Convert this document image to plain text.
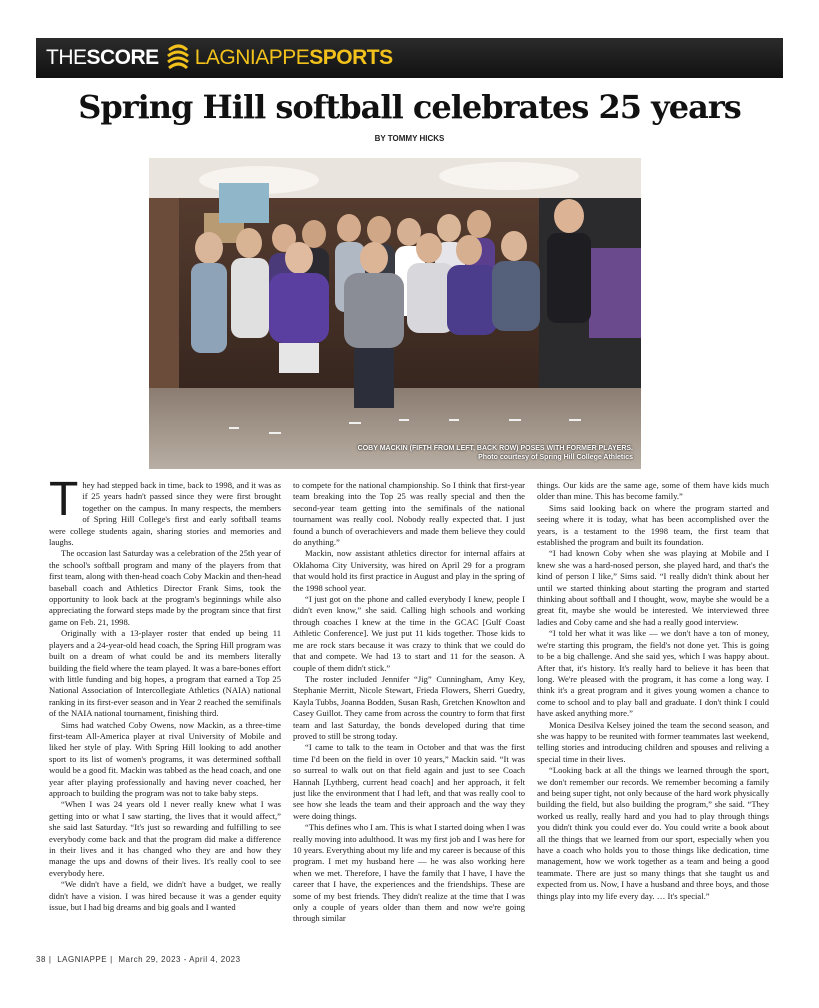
THE SCORE LAGNIAPPE SPORTS
Spring Hill softball celebrates 25 years
BY TOMMY HICKS
COBY MACKIN (FIFTH FROM LEFT, BACK ROW) POSES WITH FORMER PLAYERS.
Photo courtesy of Spring Hill College Athletics

They had stepped back in time, back to 1998, and it was as if 25 years hadn't passed since they were first brought together on the campus. In many respects, the members of Spring Hill College's first and early softball teams were college students again, sharing stories and memories and laughs.

The occasion last Saturday was a celebration of the 25th year of the school's softball program and many of the players from that first team, along with then-head coach Coby Mackin and then-head baseball coach and Athletics Director Frank Sims, took the opportunity to look back at the program's beginnings while also appreciating the forward steps made by the program since that first game on Feb. 21, 1998.

Originally with a 13-player roster that ended up being 11 players and a 24-year-old head coach, the Spring Hill program was built on a dream of what could be and its members literally building the field where the team played. It was a bare-bones effort with little funding and big hopes, a program that earned a Top 25 National Association of Intercollegiate Athletics (NAIA) national ranking in its first-ever season and in Year 2 reached the semifinals of the NAIA national tournament, finishing third.

Sims had watched Coby Owens, now Mackin, as a three-time first-team All-America player at rival University of Mobile and liked her style of play. With Spring Hill looking to add another sport to its list of women's programs, it was determined softball would be a good fit. Mackin was tabbed as the head coach, and one year after playing professionally and having never coached, her approach to building the program was not to take baby steps.

“When I was 24 years old I never really knew what I was getting into or what I saw starting, the lives that it would affect,” she said last Saturday. “It's just so rewarding and fulfilling to see everybody come back and that the program did make a difference in their lives and it has changed who they are and how they manage the ups and downs of their lives. It's really cool to see everybody here.

“We didn't have a field, we didn't have a budget, we really didn't have a vision. I was hired because it was a gender equity issue, but I had big dreams and big goals and I wanted

to compete for the national championship. So I think that first-year team breaking into the Top 25 was really special and then the second-year team getting into the semifinals of the national tournament was really cool. Nobody really expected that. I just found a bunch of overachievers and made them believe they could do anything.”

Mackin, now assistant athletics director for internal affairs at Oklahoma City University, was hired on April 29 for a program that would hold its first practice in August and play in the spring of the 1998 school year.

“I just got on the phone and called everybody I knew, people I didn't even know,” she said. Calling high schools and working through coaches I knew at the time in the GCAC [Gulf Coast Athletic Conference]. We just put 11 kids together. Those kids to me are rock stars because it was crazy to think that we could do that and compete. We had 13 to start and 11 for the season. A couple of them didn't stick.”

The roster included Jennifer “Jig” Cunningham, Amy Key, Stephanie Merritt, Nicole Stewart, Frieda Flowers, Sherri Guedry, Kayla Tubbs, Joanna Bodden, Susan Rash, Gretchen Knowlton and Casey Guillot. They came from across the country to form that first team and last Saturday, the bonds developed during that time proved to still be strong today.

“I came to talk to the team in October and that was the first time I'd been on the field in over 10 years,” Mackin said. “It was so surreal to walk out on that field again and just to see Coach Hannah [Lythberg, current head coach] and her approach, it felt just like the environment that I had left, and that was really cool to see how she leads the team and their approach and the way they were doing things.

“This defines who I am. This is what I started doing when I was really moving into adulthood. It was my first job and I was here for 10 years. Everything about my life and my career is because of this program. I met my husband here — he was also working here when we met. Therefore, I have the family that I have, I have the career that I have, the experiences and the friendships. These are some of my best friends. They didn't realize at the time that I was only a couple of years older than them and now we're going through similar

things. Our kids are the same age, some of them have kids much older than mine. This has become family.”

Sims said looking back on where the program started and seeing where it is today, what has been accomplished over the years, is a testament to the 1998 team, the first team that established the program and built its foundation.

“I had known Coby when she was playing at Mobile and I knew she was a hard-nosed person, she played hard, and that's the kind of person I like,” Sims said. “I really didn't think about her until we started thinking about starting the program and started thinking about softball and I thought, wow, maybe she would be a great fit, maybe she would be interested. We interviewed three ladies and Coby came and she had a really good interview.

“I told her what it was like — we don't have a ton of money, we're starting this program, the field's not done yet. This is going to be a big challenge. And she said yes, which I was happy about. After that, it's history. It's really hard to believe it has been that long. We're pleased with the program, it has come a long way. I think it's a great program and it gives young women a chance to come to school and to play ball and graduate. I don't think I could have asked anything more.”

Monica Desilva Kelsey joined the team the second season, and she was happy to be reunited with former teammates last weekend, telling stories and introducing children and spouses and reliving a special time in their lives.

“Looking back at all the things we learned through the sport, we don't remember our records. We remember becoming a family and being super tight, not only because of the hard work physically building the field, but also building the program,” she said. “They worked us really, really hard and you had to play through things you didn't think you could ever do. You could write a book about all the things that we learned from our sport, especially when you have a coach who holds you to those things like dedication, time management, how we work together as a team and being a good teammate. There are just so many things that she taught us and expected from us. Now, I have a husband and three boys, and those things play into my life every day. … It's special.”

38 | LAGNIAPPE | March 29, 2023 - April 4, 2023
